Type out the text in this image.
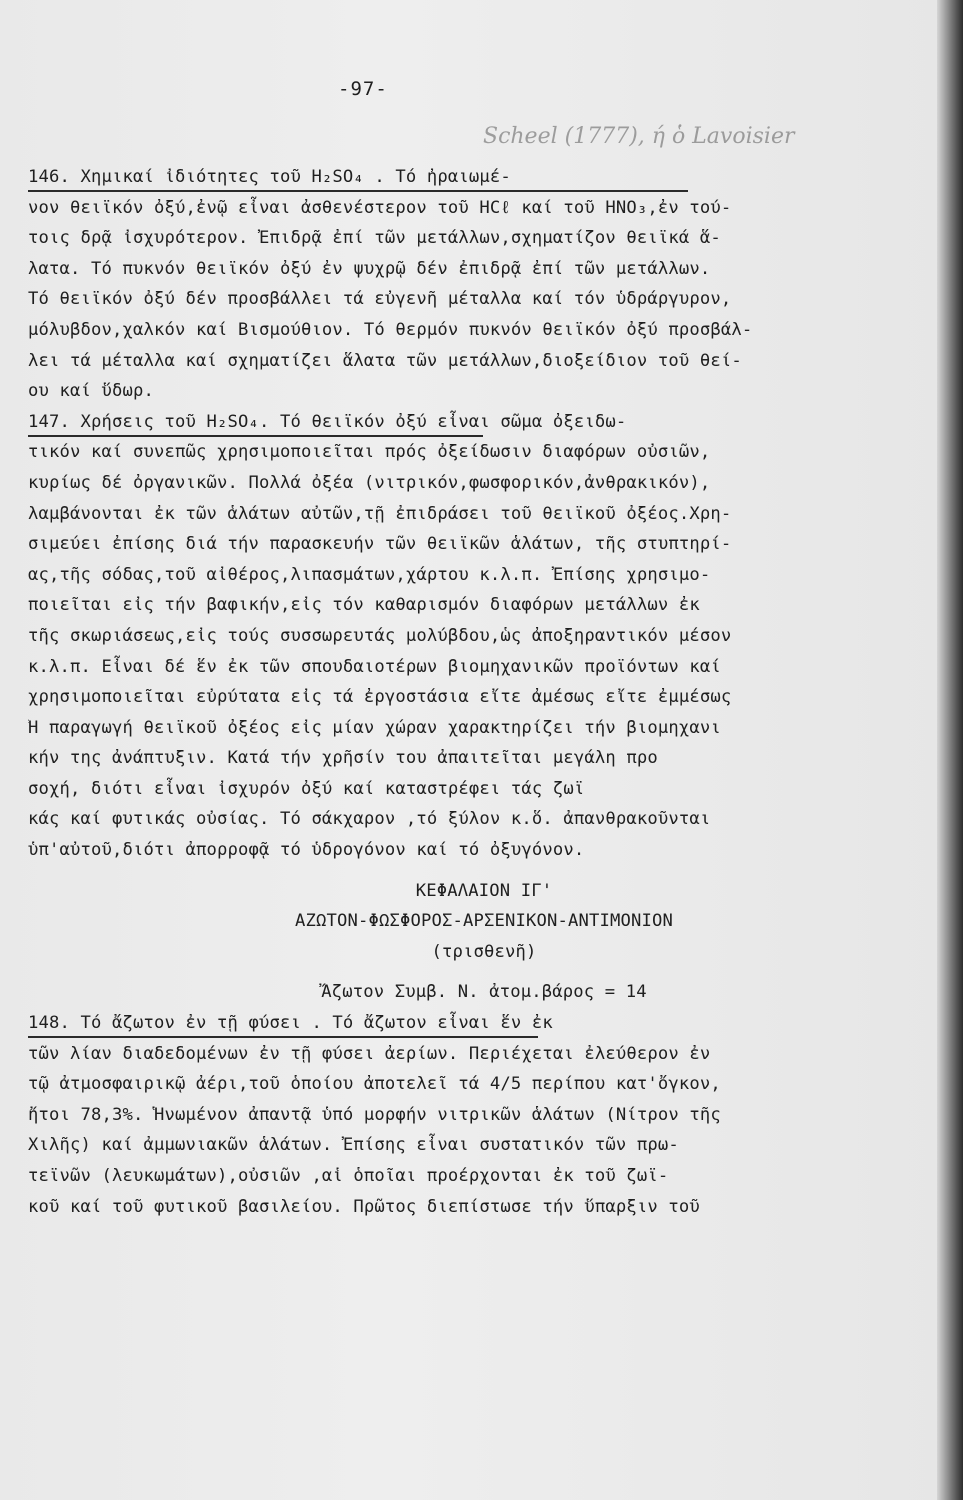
-97-
Scheel (1777), ή ὁ Lavoisier
146. Χημικαί ἰδιότητες τοῦ H₂SO₄ . Τό ἠραιωμέ-
νον θειϊκόν ὀξύ,ἐνῷ εἶναι ἀσθενέστερον τοῦ HCℓ καί τοῦ HNO₃,ἐν τού-
τοις δρᾷ ἰσχυρότερον. Ἐπιδρᾷ ἐπί τῶν μετάλλων,σχηματίζον θειϊκά ἅ-
λατα. Τό πυκνόν θειϊκόν ὀξύ ἐν ψυχρῷ δέν ἐπιδρᾷ ἐπί τῶν μετάλλων.
Τό θειϊκόν ὀξύ δέν προσβάλλει τά εὐγενῆ μέταλλα καί τόν ὑδράργυρον,
μόλυβδον,χαλκόν καί Βισμούθιον. Τό θερμόν πυκνόν θειϊκόν ὀξύ προσβάλ-
λει τά μέταλλα καί σχηματίζει ἅλατα τῶν μετάλλων,διοξείδιον τοῦ θεί-
ου καί ὕδωρ.
147. Χρήσεις τοῦ H₂SO₄. Τό θειϊκόν ὀξύ εἶναι σῶμα ὀξειδω-
τικόν καί συνεπῶς χρησιμοποιεῖται πρός ὀξείδωσιν διαφόρων οὐσιῶν,
κυρίως δέ ὀργανικῶν. Πολλά ὀξέα (νιτρικόν,φωσφορικόν,ἀνθρακικόν),
λαμβάνονται ἐκ τῶν ἁλάτων αὐτῶν,τῇ ἐπιδράσει τοῦ θειϊκοῦ ὀξέος.Χρη-
σιμεύει ἐπίσης διά τήν παρασκευήν τῶν θειϊκῶν ἁλάτων, τῆς στυπτηρί-
ας,τῆς σόδας,τοῦ αἰθέρος,λιπασμάτων,χάρτου κ.λ.π. Ἐπίσης χρησιμο-
ποιεῖται εἰς τήν βαφικήν,εἰς τόν καθαρισμόν διαφόρων μετάλλων ἐκ
τῆς σκωριάσεως,εἰς τούς συσσωρευτάς μολύβδου,ὡς ἀποξηραντικόν μέσον
κ.λ.π. Εἶναι δέ ἕν ἐκ τῶν σπουδαιοτέρων βιομηχανικῶν προϊόντων καί
χρησιμοποιεῖται εὐρύτατα εἰς τά ἐργοστάσια εἴτε ἀμέσως εἴτε ἐμμέσως
Ἡ παραγωγή θειϊκοῦ ὀξέος εἰς μίαν χώραν χαρακτηρίζει τήν βιομηχανι
κήν της ἀνάπτυξιν. Κατά τήν χρῆσίν του ἀπαιτεῖται μεγάλη προ
σοχή, διότι εἶναι ἰσχυρόν ὀξύ καί καταστρέφει τάς ζωϊ
κάς καί φυτικάς οὐσίας. Τό σάκχαρον ,τό ξύλον κ.ὅ. ἀπανθρακοῦνται
ὑπ'αὐτοῦ,διότι ἀπορροφᾷ τό ὑδρογόνον καί τό ὀξυγόνον.
ΚΕΦΑΛΑΙΟΝ ΙΓ'
ΑΖΩΤΟΝ-ΦΩΣΦΟΡΟΣ-ΑΡΣΕΝΙΚΟΝ-ΑΝΤΙΜΟΝΙΟΝ
(τρισθενῆ)
Ἄζωτον Συμβ. N. ἀτομ.βάρος = 14
148. Τό ἄζωτον ἐν τῇ φύσει . Τό ἄζωτον εἶναι ἕν ἐκ
τῶν λίαν διαδεδομένων ἐν τῇ φύσει ἀερίων. Περιέχεται ἐλεύθερον ἐν
τῷ ἀτμοσφαιρικῷ ἀέρι,τοῦ ὁποίου ἀποτελεῖ τά 4/5 περίπου κατ'ὄγκον,
ἤτοι 78,3%. Ἡνωμένον ἀπαντᾷ ὑπό μορφήν νιτρικῶν ἁλάτων (Νίτρον τῆς
Χιλῆς) καί ἀμμωνιακῶν ἁλάτων. Ἐπίσης εἶναι συστατικόν τῶν πρω-
τεϊνῶν (λευκωμάτων),οὐσιῶν ,αἱ ὁποῖαι προέρχονται ἐκ τοῦ ζωϊ-
κοῦ καί τοῦ φυτικοῦ βασιλείου. Πρῶτος διεπίστωσε τήν ὕπαρξιν τοῦ
